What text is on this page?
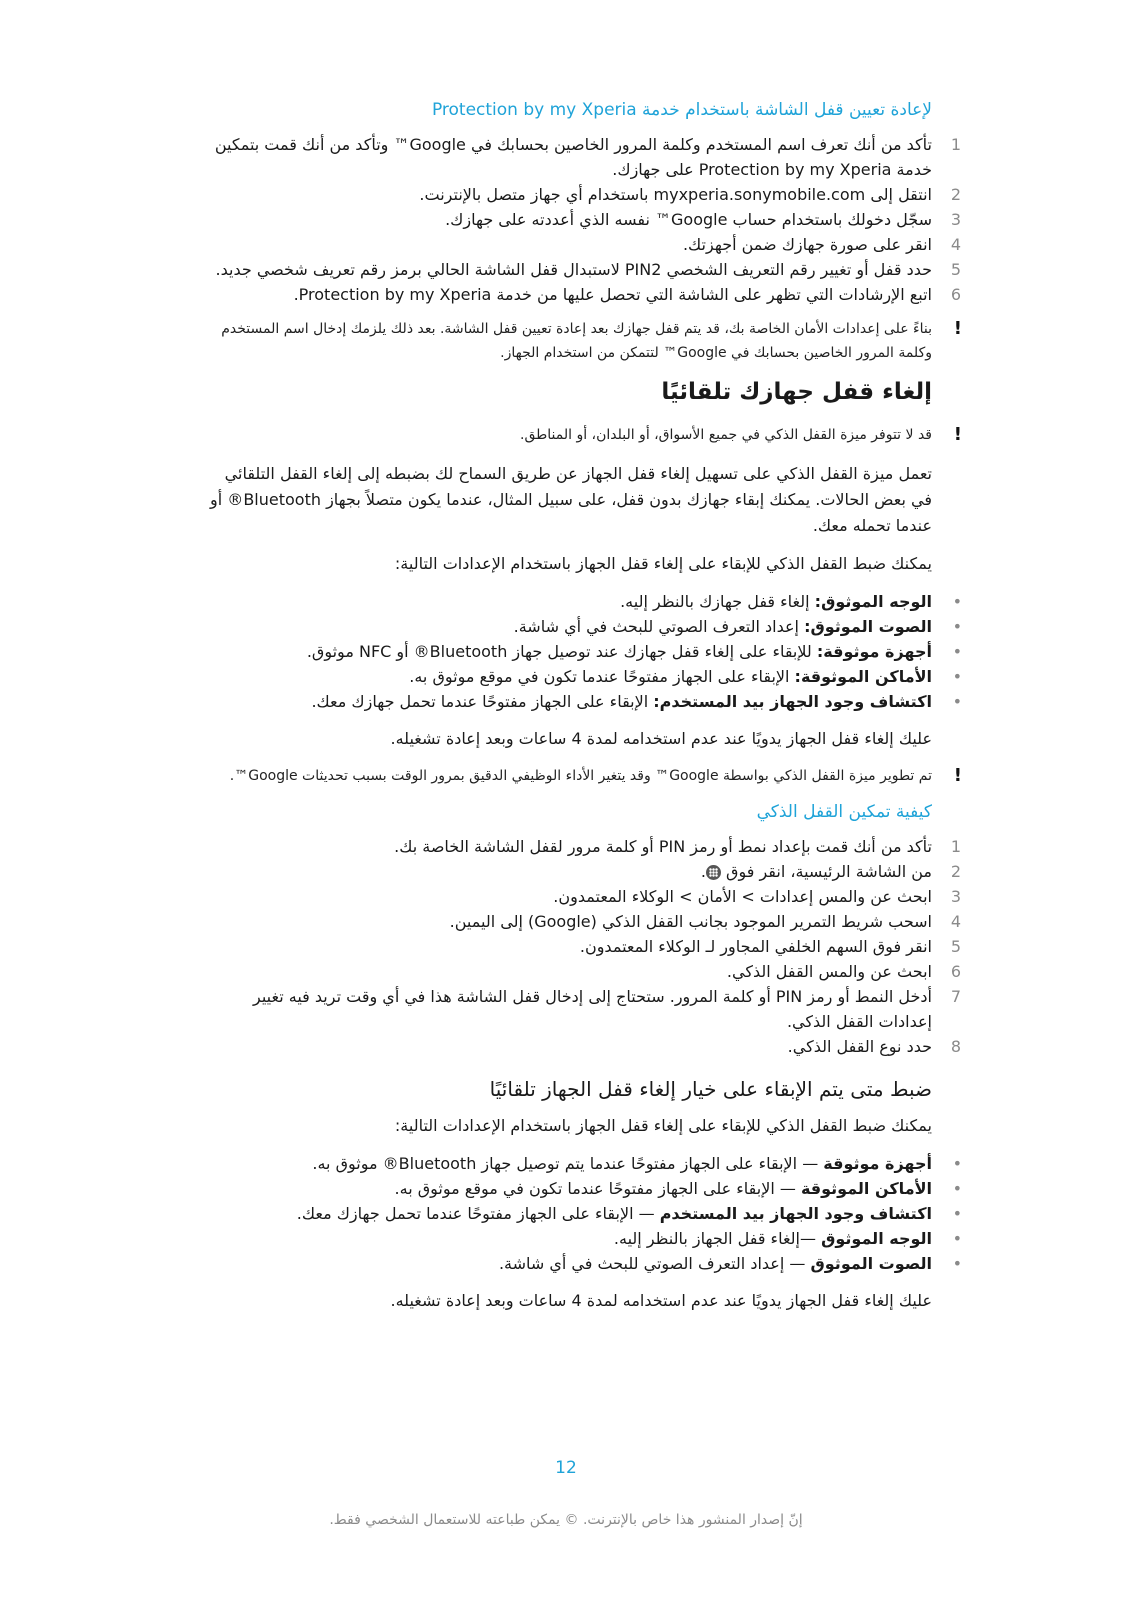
لإعادة تعيين قفل الشاشة باستخدام خدمة Protection by my Xperia
1
تأكد من أنك تعرف اسم المستخدم وكلمة المرور الخاصين بحسابك في Google™ وتأكد من أنك قمت بتمكين خدمة Protection by my Xperia على جهازك.
2
انتقل إلى myxperia.sonymobile.com باستخدام أي جهاز متصل بالإنترنت.
3
سجّل دخولك باستخدام حساب Google™ نفسه الذي أعددته على جهازك.
4
انقر على صورة جهازك ضمن أجهزتك.
5
حدد قفل أو تغيير رقم التعريف الشخصي PIN2 لاستبدال قفل الشاشة الحالي برمز رقم تعريف شخصي جديد.
6
اتبع الإرشادات التي تظهر على الشاشة التي تحصل عليها من خدمة Protection by my Xperia.
!
بناءً على إعدادات الأمان الخاصة بك، قد يتم قفل جهازك بعد إعادة تعيين قفل الشاشة. بعد ذلك يلزمك إدخال اسم المستخدم وكلمة المرور الخاصين بحسابك في Google™ لتتمكن من استخدام الجهاز.
إلغاء قفل جهازك تلقائيًا
!
قد لا تتوفر ميزة القفل الذكي في جميع الأسواق، أو البلدان، أو المناطق.

تعمل ميزة القفل الذكي على تسهيل إلغاء قفل الجهاز عن طريق السماح لك بضبطه إلى إلغاء القفل التلقائي في بعض الحالات. يمكنك إبقاء جهازك بدون قفل، على سبيل المثال، عندما يكون متصلاً بجهاز Bluetooth® أو عندما تحمله معك.

يمكنك ضبط القفل الذكي للإبقاء على إلغاء قفل الجهاز باستخدام الإعدادات التالية:

•
الوجه الموثوق: إلغاء قفل جهازك بالنظر إليه.
•
الصوت الموثوق: إعداد التعرف الصوتي للبحث في أي شاشة.
•
أجهزة موثوقة: للإبقاء على إلغاء قفل جهازك عند توصيل جهاز Bluetooth® أو NFC موثوق.
•
الأماكن الموثوقة: الإبقاء على الجهاز مفتوحًا عندما تكون في موقع موثوق به.
•
اكتشاف وجود الجهاز بيد المستخدم: الإبقاء على الجهاز مفتوحًا عندما تحمل جهازك معك.

عليك إلغاء قفل الجهاز يدويًا عند عدم استخدامه لمدة 4 ساعات وبعد إعادة تشغيله.

!
تم تطوير ميزة القفل الذكي بواسطة Google™ وقد يتغير الأداء الوظيفي الدقيق بمرور الوقت بسبب تحديثات Google™.
كيفية تمكين القفل الذكي
1
تأكد من أنك قمت بإعداد نمط أو رمز PIN أو كلمة مرور لقفل الشاشة الخاصة بك.
2
من الشاشة الرئيسية، انقر فوق .
3
ابحث عن والمس إعدادات > الأمان > الوكلاء المعتمدون.
4
اسحب شريط التمرير الموجود بجانب القفل الذكي (Google) إلى اليمين.
5
انقر فوق السهم الخلفي المجاور لـ الوكلاء المعتمدون.
6
ابحث عن والمس القفل الذكي.
7
أدخل النمط أو رمز PIN أو كلمة المرور. ستحتاج إلى إدخال قفل الشاشة هذا في أي وقت تريد فيه تغيير إعدادات القفل الذكي.
8
حدد نوع القفل الذكي.
ضبط متى يتم الإبقاء على خيار إلغاء قفل الجهاز تلقائيًا

يمكنك ضبط القفل الذكي للإبقاء على إلغاء قفل الجهاز باستخدام الإعدادات التالية:

•
أجهزة موثوقة — الإبقاء على الجهاز مفتوحًا عندما يتم توصيل جهاز Bluetooth® موثوق به.
•
الأماكن الموثوقة — الإبقاء على الجهاز مفتوحًا عندما تكون في موقع موثوق به.
•
اكتشاف وجود الجهاز بيد المستخدم — الإبقاء على الجهاز مفتوحًا عندما تحمل جهازك معك.
•
الوجه الموثوق —إلغاء قفل الجهاز بالنظر إليه.
•
الصوت الموثوق — إعداد التعرف الصوتي للبحث في أي شاشة.

عليك إلغاء قفل الجهاز يدويًا عند عدم استخدامه لمدة 4 ساعات وبعد إعادة تشغيله.

12
إنّ إصدار المنشور هذا خاص بالإنترنت. © يمكن طباعته للاستعمال الشخصي فقط.
